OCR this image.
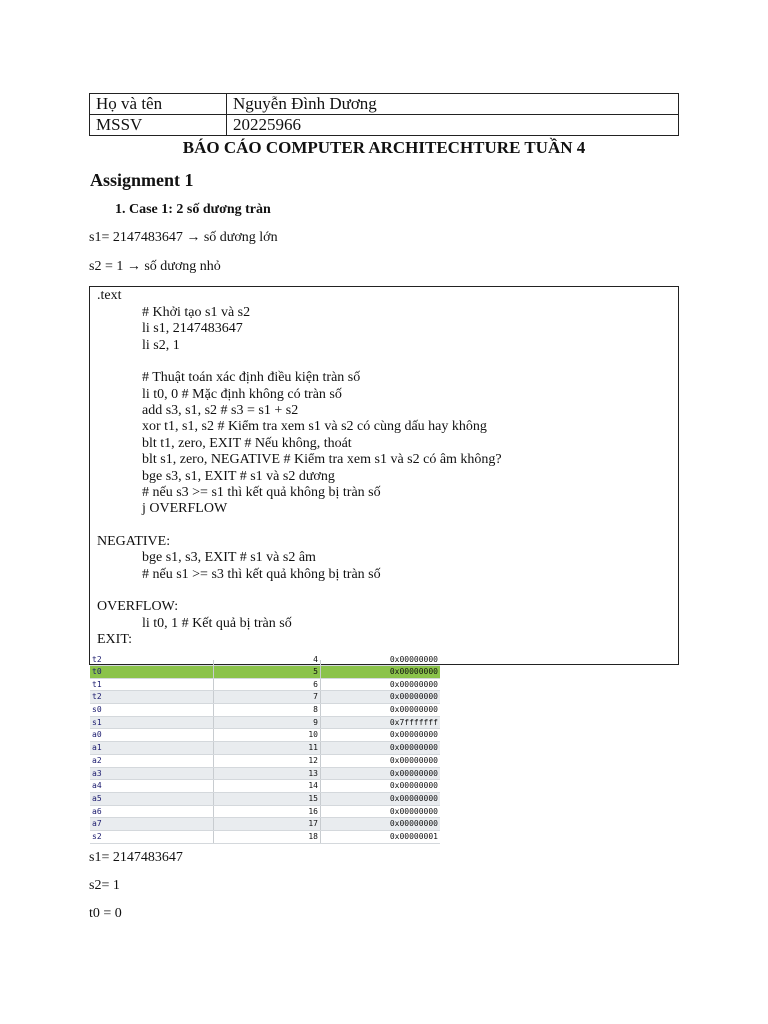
Họ và tên	Nguyễn Đình Dương
MSSV	20225966
BÁO CÁO COMPUTER ARCHITECHTURE TUẦN 4
Assignment 1
1. Case 1: 2 số dương tràn
s1= 2147483647 → số dương lớn
s2 = 1 → số dương nhỏ
.text
# Khởi tạo s1 và s2
li s1, 2147483647
li s2, 1
# Thuật toán xác định điều kiện tràn số
li t0, 0 # Mặc định không có tràn số
add s3, s1, s2 # s3 = s1 + s2
xor t1, s1, s2 # Kiểm tra xem s1 và s2 có cùng dấu hay không
blt t1, zero, EXIT # Nếu không, thoát
blt s1, zero, NEGATIVE # Kiểm tra xem s1 và s2 có âm không?
bge s3, s1, EXIT # s1 và s2 dương
# nếu s3 >= s1 thì kết quả không bị tràn số
j OVERFLOW
NEGATIVE:
bge s1, s3, EXIT # s1 và s2 âm
# nếu s1 >= s3 thì kết quả không bị tràn số
OVERFLOW:
li t0, 1 # Kết quả bị tràn số
EXIT:
t2	4	0x00000000
t0	5	0x00000000
t1	6	0x00000000
t2	7	0x00000000
s0	8	0x00000000
s1	9	0x7fffffff
a0	10	0x00000000
a1	11	0x00000000
a2	12	0x00000000
a3	13	0x00000000
a4	14	0x00000000
a5	15	0x00000000
a6	16	0x00000000
a7	17	0x00000000
s2	18	0x00000001
s1= 2147483647
s2= 1
t0 = 0
